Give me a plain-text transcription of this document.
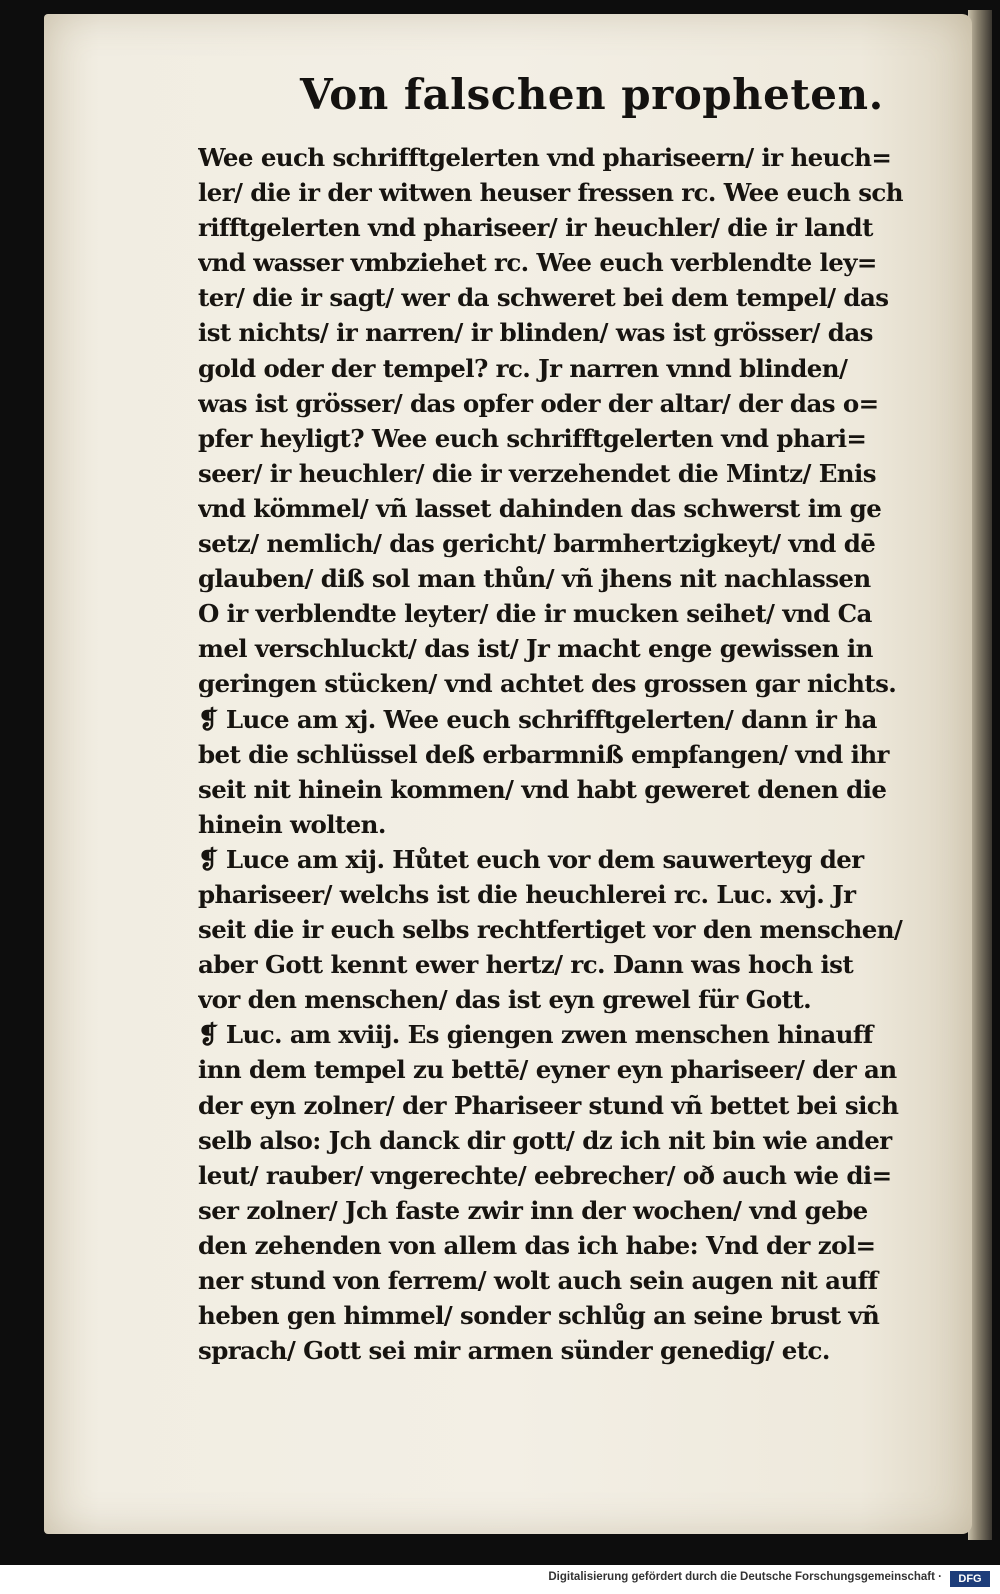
Von falschen propheten.
Wee euch schrifftgelerten vnd phariseern/ ir heuch=
ler/ die ir der witwen heuser fressen rc. Wee euch sch
rifftgelerten vnd phariseer/ ir heuchler/ die ir landt
vnd wasser vmbziehet rc. Wee euch verblendte ley=
ter/ die ir sagt/ wer da schweret bei dem tempel/ das
ist nichts/ ir narren/ ir blinden/ was ist grösser/ das
gold oder der tempel? rc. Jr narren vnnd blinden/
was ist grösser/ das opfer oder der altar/ der das o=
pfer heyligt? Wee euch schrifftgelerten vnd phari=
seer/ ir heuchler/ die ir verzehendet die Mintz/ Enis
vnd kömmel/ vñ lasset dahinden das schwerst im ge
setz/ nemlich/ das gericht/ barmhertzigkeyt/ vnd dē
glauben/ diß sol man thůn/ vñ jhens nit nachlassen
O ir verblendte leyter/ die ir mucken seihet/ vnd Ca
mel verschluckt/ das ist/ Jr macht enge gewissen in
geringen stücken/ vnd achtet des grossen gar nichts.
❡ Luce am xj. Wee euch schrifftgelerten/ dann ir ha
bet die schlüssel deß erbarmniß empfangen/ vnd ihr
seit nit hinein kommen/ vnd habt geweret denen die
hinein wolten.
❡ Luce am xij. Hůtet euch vor dem sauwerteyg der
phariseer/ welchs ist die heuchlerei rc. Luc. xvj. Jr
seit die ir euch selbs rechtfertiget vor den menschen/
aber Gott kennt ewer hertz/ rc. Dann was hoch ist
vor den menschen/ das ist eyn grewel für Gott.
❡ Luc. am xviij. Es giengen zwen menschen hinauff
inn dem tempel zu bettē/ eyner eyn phariseer/ der an
der eyn zolner/ der Phariseer stund vñ bettet bei sich
selb also: Jch danck dir gott/ dz ich nit bin wie ander
leut/ rauber/ vngerechte/ eebrecher/ oð auch wie di=
ser zolner/ Jch faste zwir inn der wochen/ vnd gebe
den zehenden von allem das ich habe: Vnd der zol=
ner stund von ferrem/ wolt auch sein augen nit auff
heben gen himmel/ sonder schlůg an seine brust vñ
sprach/ Gott sei mir armen sünder genedig/ etc.
Digitalisierung gefördert durch die Deutsche Forschungsgemeinschaft ·	DFG
